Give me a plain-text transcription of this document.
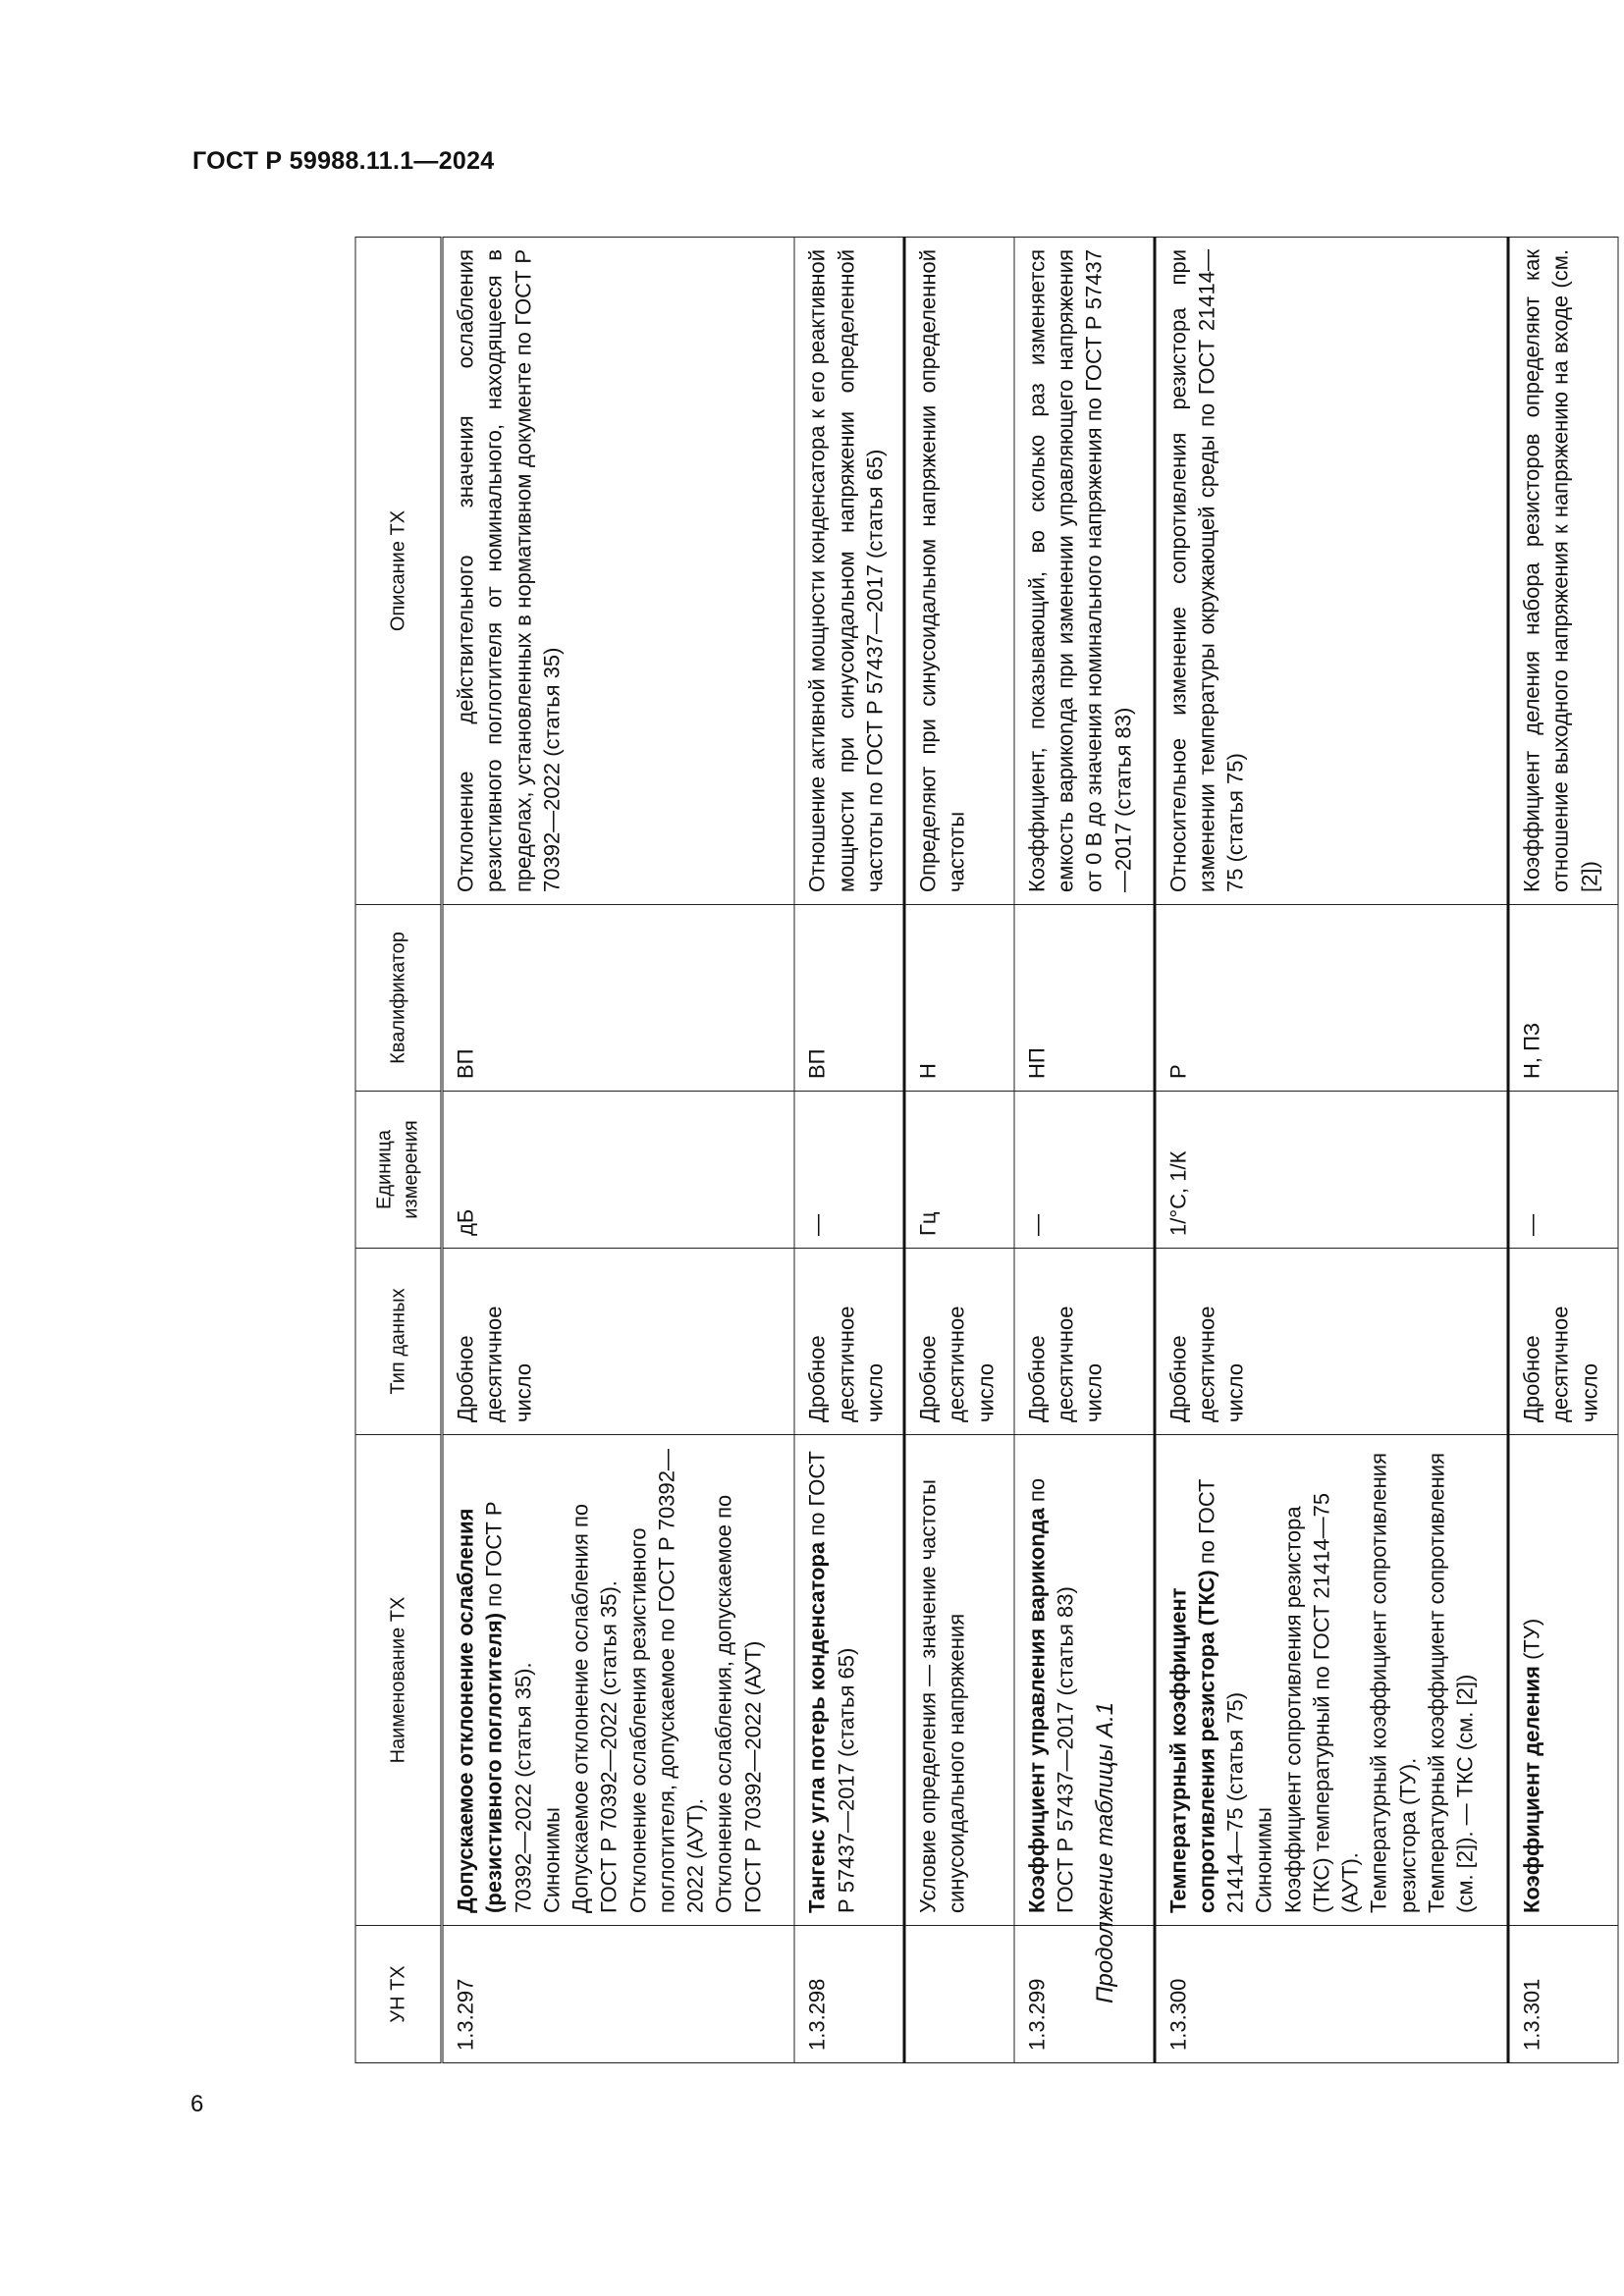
ГОСТ Р 59988.11.1—2024
Продолжение таблицы А.1
УН ТХ	Наименование ТХ	Тип данных	Единица измерения	Квалификатор	Описание ТХ
1.3.297	Допускаемое отклонение ослабления (резистивного поглотителя) по ГОСТ Р 70392—2022 (статья 35). Синонимы Допускаемое отклонение ослабления по ГОСТ Р 70392—2022 (статья 35). Отклонение ослабления резистивного поглотителя, допускаемое по ГОСТ Р 70392—2022 (АУТ). Отклонение ослабления, допускаемое по ГОСТ Р 70392—2022 (АУТ)	Дробное десятичное число	дБ	ВП	Отклонение действительного значения ослабления резистивного поглотителя от номинального, находящееся в пределах, установленных в нормативном документе по ГОСТ Р 70392—2022 (статья 35)
1.3.298	Тангенс угла потерь конденсатора по ГОСТ Р 57437—2017 (статья 65)	Дробное десятичное число	—	ВП	Отношение активной мощности конденсатора к его реактивной мощности при синусоидальном напряжении определенной частоты по ГОСТ Р 57437—2017 (статья 65)

	Условие определения — значение частоты синусоидального напряжения	Дробное десятичное число	Гц	Н	Определяют при синусоидальном напряжении определенной частоты
1.3.299	Коэффициент управления варикonда по ГОСТ Р 57437—2017 (статья 83)	Дробное десятичное число	—	НП	Коэффициент, показывающий, во сколько раз изменяется емкость варикonда при изменении управляющего напряжения от 0 В до значения номинального напряжения по ГОСТ Р 57437—2017 (статья 83)
1.3.300	Температурный коэффициент сопротивления резистора (ТКС) по ГОСТ 21414—75 (статья 75) Синонимы Коэффициент сопротивления резистора (ТКС) температурный по ГОСТ 21414—75 (АУТ). Температурный коэффициент сопротивления резистора (ТУ). Температурный коэффициент сопротивления (см. [2]). — ТКС (см. [2])	Дробное десятичное число	1/°С, 1/К	Р	Относительное изменение сопротивления резистора при изменении температуры окружающей среды по ГОСТ 21414—75 (статья 75)
1.3.301	Коэффициент деления (ТУ)	Дробное десятичное число	—	Н, ПЗ	Коэффициент деления набора резисторов определяют как отношение выходного напряжения к напряжению на входе (см. [2])
6
